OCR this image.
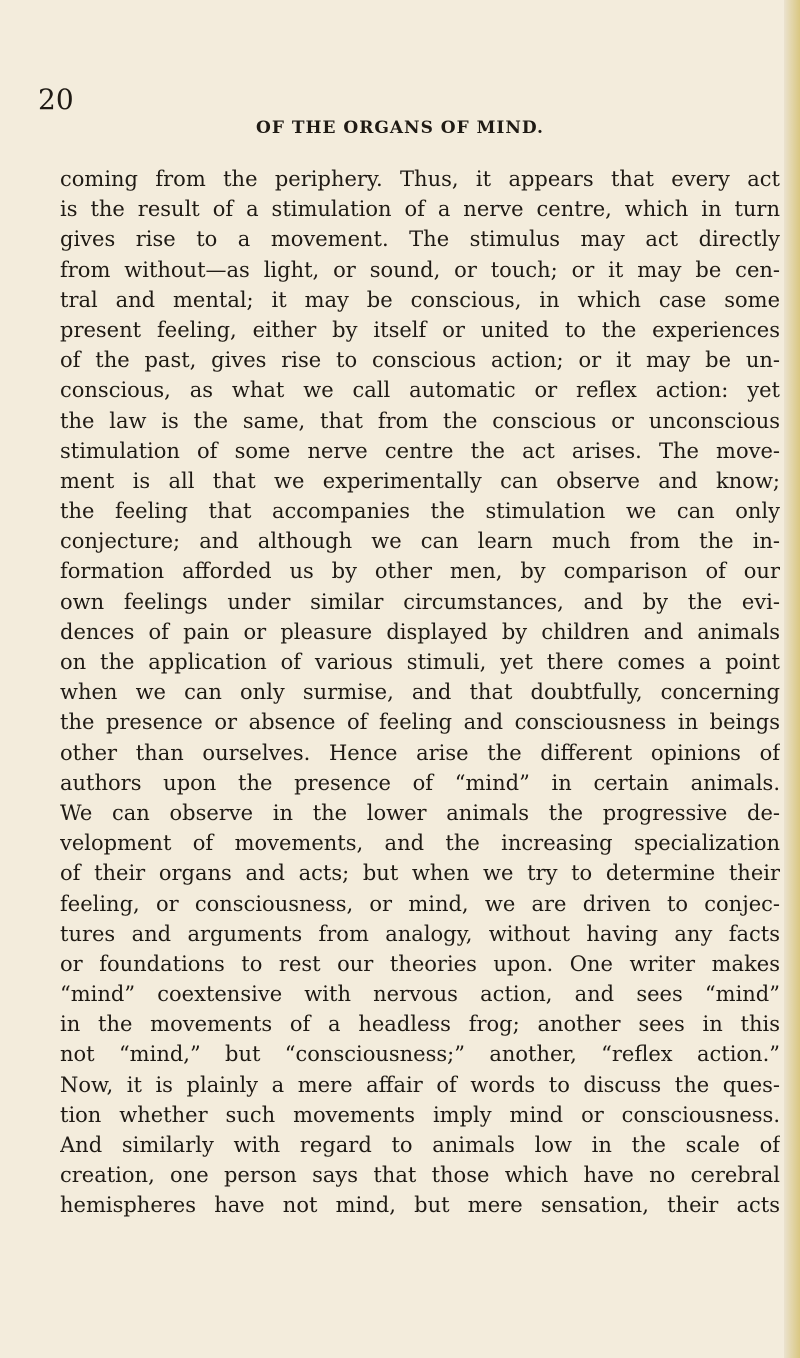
20
OF THE ORGANS OF MIND.
coming from the periphery. Thus, it appears that every act
is the result of a stimulation of a nerve centre, which in turn
gives rise to a movement. The stimulus may act directly
from without—as light, or sound, or touch; or it may be cen-
tral and mental; it may be conscious, in which case some
present feeling, either by itself or united to the experiences
of the past, gives rise to conscious action; or it may be un-
conscious, as what we call automatic or reflex action: yet
the law is the same, that from the conscious or unconscious
stimulation of some nerve centre the act arises. The move-
ment is all that we experimentally can observe and know;
the feeling that accompanies the stimulation we can only
conjecture; and although we can learn much from the in-
formation afforded us by other men, by comparison of our
own feelings under similar circumstances, and by the evi-
dences of pain or pleasure displayed by children and animals
on the application of various stimuli, yet there comes a point
when we can only surmise, and that doubtfully, concerning
the presence or absence of feeling and consciousness in beings
other than ourselves. Hence arise the different opinions of
authors upon the presence of “mind” in certain animals.
We can observe in the lower animals the progressive de-
velopment of movements, and the increasing specialization
of their organs and acts; but when we try to determine their
feeling, or consciousness, or mind, we are driven to conjec-
tures and arguments from analogy, without having any facts
or foundations to rest our theories upon. One writer makes
“mind” coextensive with nervous action, and sees “mind”
in the movements of a headless frog; another sees in this
not “mind,” but “consciousness;” another, “reflex action.”
Now, it is plainly a mere affair of words to discuss the ques-
tion whether such movements imply mind or consciousness.
And similarly with regard to animals low in the scale of
creation, one person says that those which have no cerebral
hemispheres have not mind, but mere sensation, their acts
